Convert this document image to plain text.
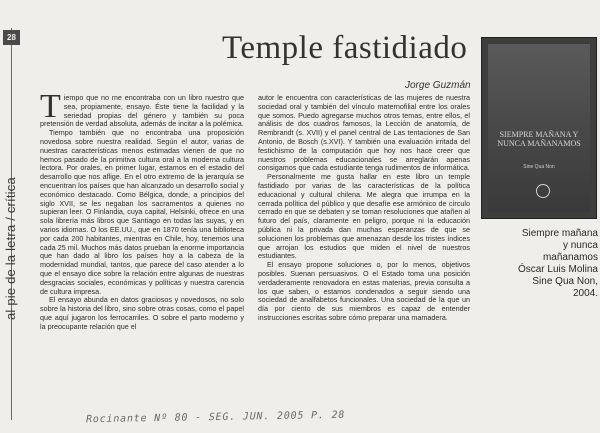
28
al pie de la letra / crítica
Temple fastidiado
Jorge Guzmán
SIEMPRE MAÑANA Y NUNCA MAÑANAMOS
Sine Qua Non
Siempre mañana
y nunca
mañanamos
Óscar Luis Molina
Sine Qua Non,
2004.

Tiempo que no me encontraba con un libro nuestro que sea, propiamente, ensayo. Éste tiene la facilidad y la seriedad propias del género y también su poca pretensión de verdad absoluta, además de incitar a la polémica.

Tiempo también que no encontraba una proposición novedosa sobre nuestra realidad. Según el autor, varias de nuestras características menos estimadas vienen de que no hemos pasado de la primitiva cultura oral a la moderna cultura lectora. Por orales, en primer lugar, estamos en el estadio del desarrollo que nos aflige. En el otro extremo de la jerarquía se encuentran los países que han alcanzado un desarrollo social y económico destacado. Como Bélgica, donde, a principios del siglo XVII, se les negaban los sacramentos a quienes no supieran leer. O Finlandia, cuya capital, Helsinki, ofrece en una sola librería más libros que Santiago en todas las suyas, y en varios idiomas. O los EE.UU., que en 1870 tenía una biblioteca por cada 200 habitantes, mientras en Chile, hoy, tenemos una cada 25 mil. Muchos más datos prueban la enorme importancia que han dado al libro los países hoy a la cabeza de la modernidad mundial, tantos, que parece del caso atender a lo que el ensayo dice sobre la relación entre algunas de nuestras desgracias sociales, económicas y políticas y nuestra carencia de cultura impresa.

El ensayo abunda en datos graciosos y novedosos, no solo sobre la historia del libro, sino sobre otras cosas, como el papel que aquí jugaron los ferrocarriles. O sobre el parto moderno y la preocupante relación que el

autor le encuentra con características de las mujeres de nuestra sociedad oral y también del vínculo maternofilial entre los orales que somos. Puedo agregarse muchos otros temas, entre ellos, el análisis de dos cuadros famosos, la Lección de anatomía, de Rembrandt (s. XVII) y el panel central de Las tentaciones de San Antonio, de Bosch (s.XVI). Y también una evaluación irritada del festichismo de la computación que hoy nos hace creer que nuestros problemas educacionales se arreglarán apenas consigamos que cada estudiante tenga rudimentos de informática.

Personalmente me gusta hallar en este libro un temple fastidiado por varias de las características de la política educacional y cultural chilena. Me alegra que irrumpa en la cerrada política del público y que desafíe ese armónico de círculo cerrado en que se debaten y se toman resoluciones que atañen al futuro del país, claramente en peligro, porque ni la educación pública ni la privada dan muchas esperanzas de que se solucionen los problemas que amenazan desde los tristes índices que arrojan los estudios que miden el nivel de nuestros estudiantes.

El ensayo propone soluciones o, por lo menos, objetivos posibles. Suenan persuasivos. O el Estado toma una posición verdaderamente renovadora en estas materias, previa consulta a los que saben, o estamos condenados a seguir siendo una sociedad de analfabetos funcionales. Una sociedad de la que un día por ciento de sus miembros es capaz de entender instrucciones escritas sobre cómo preparar una mamadera.

Rocinante Nº 80 - SEG. JUN. 2005 P. 28
